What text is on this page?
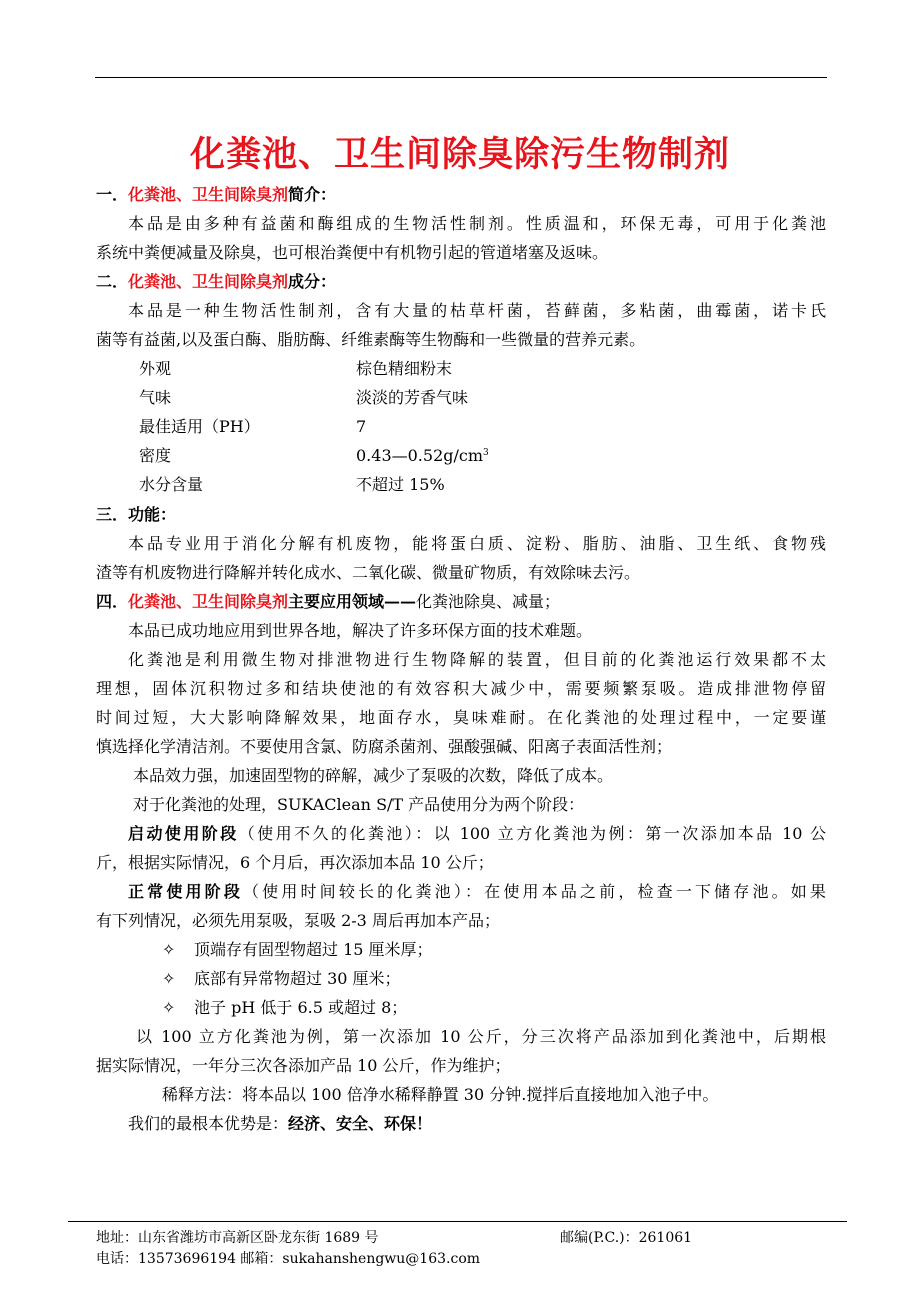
化粪池、卫生间除臭除污生物制剂
一．化粪池、卫生间除臭剂简介：
本品是由多种有益菌和酶组成的生物活性制剂。性质温和，环保无毒，可用于化粪池
系统中粪便减量及除臭，也可根治粪便中有机物引起的管道堵塞及返味。
二．化粪池、卫生间除臭剂成分：
本品是一种生物活性制剂，含有大量的枯草杆菌，苔藓菌，多粘菌，曲霉菌，诺卡氏
菌等有益菌,以及蛋白酶、脂肪酶、纤维素酶等生物酶和一些微量的营养元素。
外观	棕色精细粉末
气味	淡淡的芳香气味
最佳适用（PH）	7
密度	$0.43—0.52g/cm^3$
水分含量	不超过 15%
三．功能：
本品专业用于消化分解有机废物，能将蛋白质、淀粉、脂肪、油脂、卫生纸、食物残
渣等有机废物进行降解并转化成水、二氧化碳、微量矿物质，有效除味去污。
四．化粪池、卫生间除臭剂主要应用领域——化粪池除臭、减量；
本品已成功地应用到世界各地，解决了许多环保方面的技术难题。
化粪池是利用微生物对排泄物进行生物降解的装置，但目前的化粪池运行效果都不太
理想，固体沉积物过多和结块使池的有效容积大减少中，需要频繁泵吸。造成排泄物停留
时间过短，大大影响降解效果，地面存水，臭味难耐。在化粪池的处理过程中，一定要谨
慎选择化学清洁剂。不要使用含氯、防腐杀菌剂、强酸强碱、阳离子表面活性剂；
本品效力强，加速固型物的碎解，减少了泵吸的次数，降低了成本。
对于化粪池的处理，SUKAClean S/T 产品使用分为两个阶段：
启动使用阶段（使用不久的化粪池）：以 100 立方化粪池为例：第一次添加本品 10 公
斤，根据实际情况，6 个月后，再次添加本品 10 公斤；
正常使用阶段（使用时间较长的化粪池）：在使用本品之前，检查一下储存池。如果
有下列情况，必须先用泵吸，泵吸 2-3 周后再加本产品；
✧ 顶端存有固型物超过 15 厘米厚；
✧ 底部有异常物超过 30 厘米；
✧ 池子 pH 低于 6.5 或超过 8；
以 100 立方化粪池为例，第一次添加 10 公斤，分三次将产品添加到化粪池中，后期根
据实际情况，一年分三次各添加产品 10 公斤，作为维护；
稀释方法：将本品以 100 倍净水稀释静置 30 分钟.搅拌后直接地加入池子中。
我们的最根本优势是：经济、安全、环保！
地址：山东省潍坊市高新区卧龙东街 1689 号	邮编(P.C.)：261061
电话：13573696194 邮箱：sukahanshengwu@163.com
